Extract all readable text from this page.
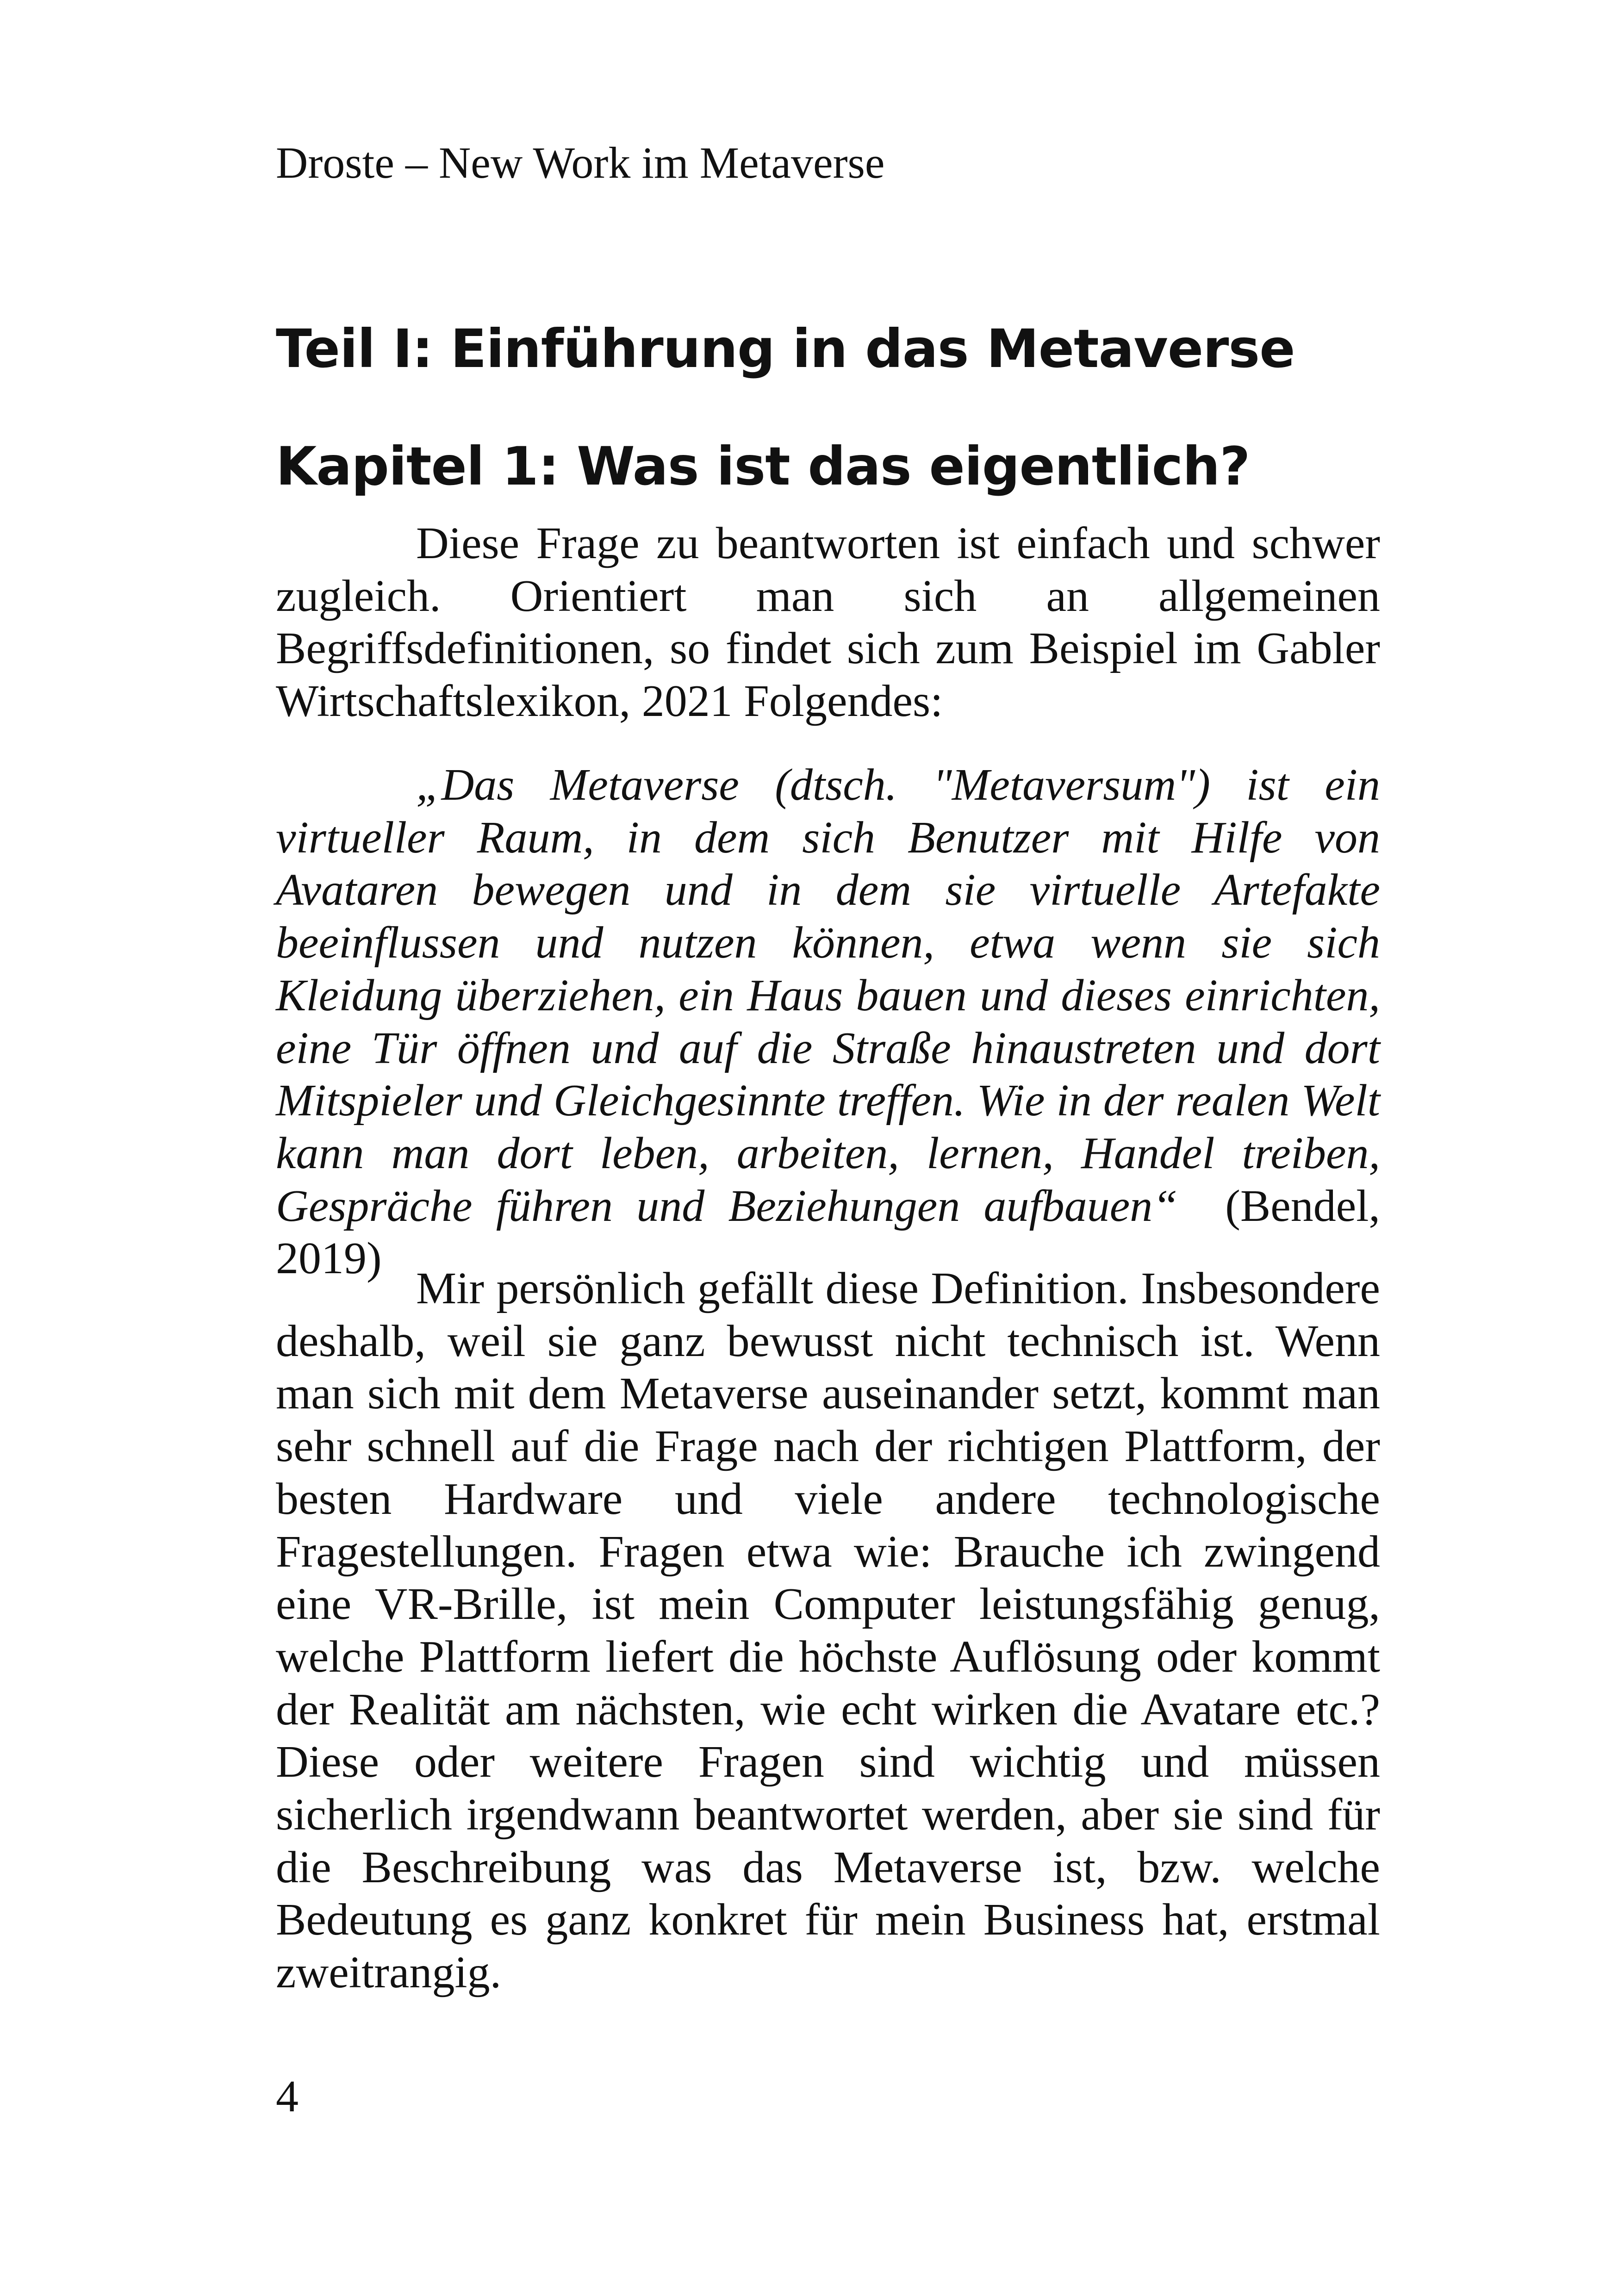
Droste – New Work im Metaverse
Teil I: Einführung in das Metaverse
Kapitel 1: Was ist das eigentlich?

Diese Frage zu beantworten ist einfach und schwer zugleich. Orientiert man sich an allgemeinen Begriffsdefinitionen, so findet sich zum Beispiel im Gabler Wirtschaftslexikon, 2021 Folgendes:

„Das Metaverse (dtsch. "Metaversum") ist ein virtueller Raum, in dem sich Benutzer mit Hilfe von Avataren bewegen und in dem sie virtuelle Artefakte beeinflussen und nutzen können, etwa wenn sie sich Kleidung überziehen, ein Haus bauen und dieses einrichten, eine Tür öffnen und auf die Straße hinaustreten und dort Mitspieler und Gleichgesinnte treffen. Wie in der realen Welt kann man dort leben, arbeiten, lernen, Handel treiben, Gespräche führen und Beziehungen aufbauen“ (Bendel, 2019)

Mir persönlich gefällt diese Definition. Insbesondere deshalb, weil sie ganz bewusst nicht technisch ist. Wenn man sich mit dem Metaverse auseinander setzt, kommt man sehr schnell auf die Frage nach der richtigen Plattform, der besten Hardware und viele andere technologische Fragestellungen. Fragen etwa wie: Brauche ich zwingend eine VR-Brille, ist mein Computer leistungsfähig genug, welche Plattform liefert die höchste Auflösung oder kommt der Realität am nächsten, wie echt wirken die Avatare etc.? Diese oder weitere Fragen sind wichtig und müssen sicherlich irgendwann beantwortet werden, aber sie sind für die Beschreibung was das Metaverse ist, bzw. welche Bedeutung es ganz konkret für mein Business hat, erstmal zweitrangig.

4
